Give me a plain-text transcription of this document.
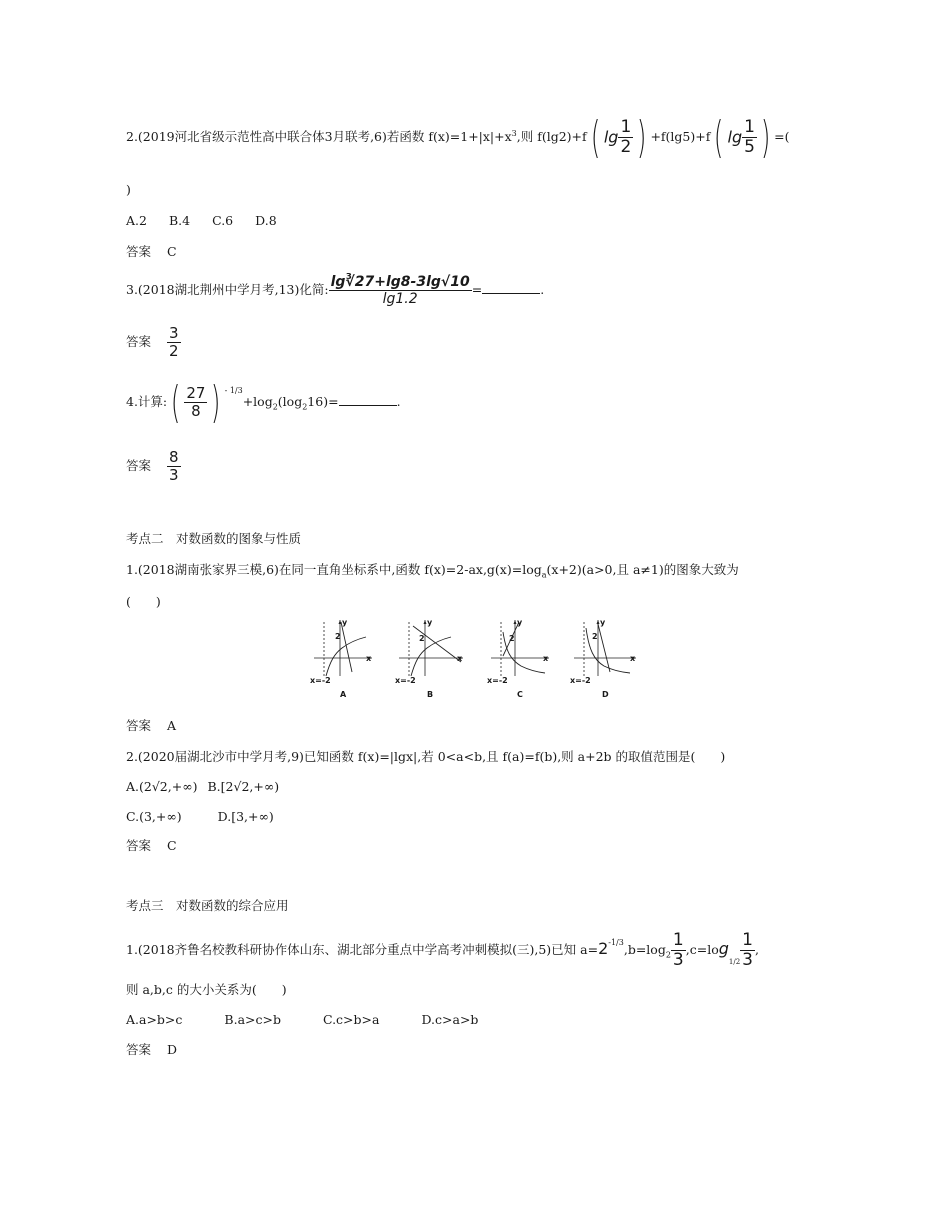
2.(2019河北省级示范性高中联合体3月联考,6)若函数 $f(x)=1+|x|+x^3$,则 f(lg2)+f( $\lg \frac{1}{2}$ ) +f(lg5)+f( $\lg \frac{1}{5}$ ) =(
)
A.2 B.4 C.6 D.8
答案 C
3.(2018湖北荆州中学月考,13)化简: $\frac{\lg∛27+\lg 8-3\lg√10}{\lg 1.2}$ =	.
答案 $\frac{3}{2}$
4.计算:( $\frac{27}{8}$ ) $^{- 1/3}+\log_2(\log_216)=$	.
答案 $\frac{8}{3}$
考点二　对数函数的图象与性质
1.(2018湖南张家界三模,6)在同一直角坐标系中,函数 $f(x)=2-ax,g(x)=\log_a(x+2)(a>0$,且 a≠1)的图象大致为
(　　)
y
x
2
x=-2
A
y
x
2
x=-2
B
y
x
2
x=-2
C
y
x
2
x=-2
D
答案 A
2.(2020届湖北沙市中学月考,9)已知函数 f(x)=|lgx|,若 0<a<b,且 f(a)=f(b),则 a+2b 的取值范围是(　　)
A.(2√2,+∞) B.[2√2,+∞)
C.(3,+∞)	D.[3,+∞)
答案 C
考点三　对数函数的综合应用
1.(2018齐鲁名校教科研协作体山东、湖北部分重点中学高考冲刺模拟(三),5)已知 $a=2^{-1/3},b=\log_2 \frac{1}{3} ,c=\log_{1/2} \frac{1}{3}$ ,
则 a,b,c 的大小关系为(　　)
A.a>b>c	B.a>c>b	C.c>b>a	D.c>a>b
答案 D
